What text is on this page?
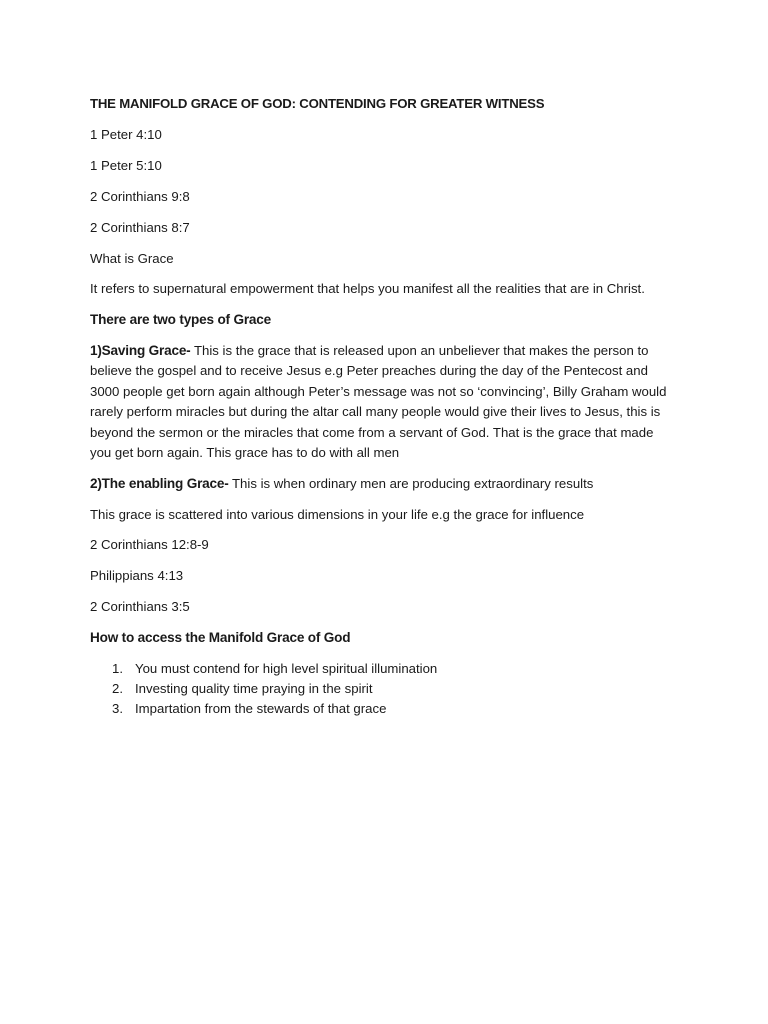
THE MANIFOLD GRACE OF GOD: CONTENDING FOR GREATER WITNESS

1 Peter 4:10

1 Peter 5:10

2 Corinthians 9:8

2 Corinthians 8:7

What is Grace

It refers to supernatural empowerment that helps you manifest all the realities that are in Christ.

There are two types of Grace

1)Saving Grace- This is the grace that is released upon an unbeliever that makes the person to believe the gospel and to receive Jesus e.g Peter preaches during the day of the Pentecost and 3000 people get born again although Peter’s message was not so ‘convincing’, Billy Graham would rarely perform miracles but during the altar call many people would give their lives to Jesus, this is beyond the sermon or the miracles that come from a servant of God. That is the grace that made you get born again. This grace has to do with all men

2)The enabling Grace- This is when ordinary men are producing extraordinary results

This grace is scattered into various dimensions in your life e.g the grace for influence

2 Corinthians 12:8-9

Philippians 4:13

2 Corinthians 3:5

How to access the Manifold Grace of God

1. You must contend for high level spiritual illumination
2. Investing quality time praying in the spirit
3. Impartation from the stewards of that grace
